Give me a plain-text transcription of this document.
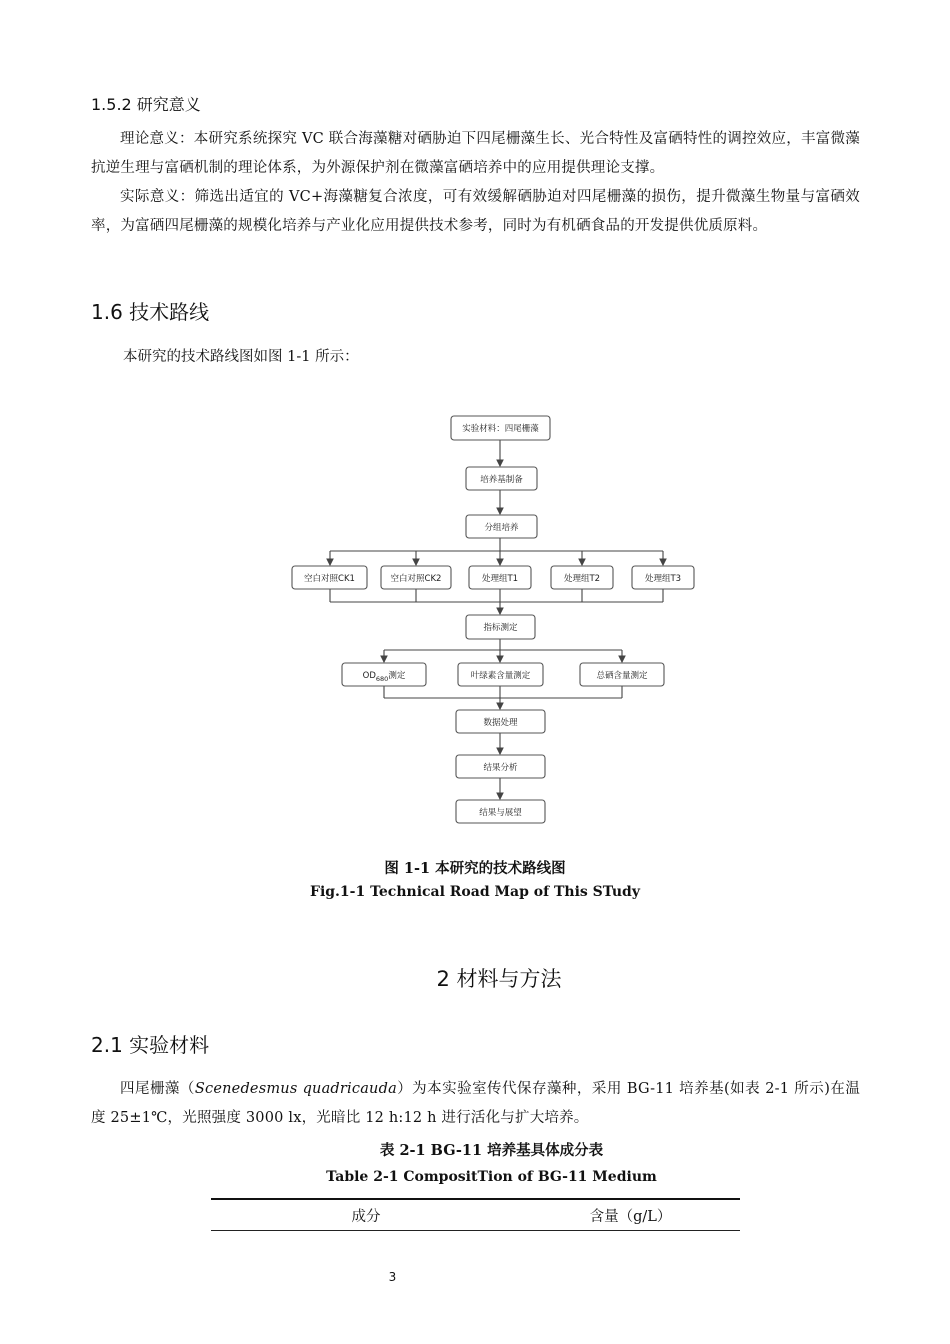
1.5.2 研究意义

理论意义：本研究系统探究 VC 联合海藻糖对硒胁迫下四尾栅藻生长、光合特性及富硒特性的调控效应，丰富微藻抗逆生理与富硒机制的理论体系，为外源保护剂在微藻富硒培养中的应用提供理论支撑。

实际意义：筛选出适宜的 VC+海藻糖复合浓度，可有效缓解硒胁迫对四尾栅藻的损伤，提升微藻生物量与富硒效率，为富硒四尾栅藻的规模化培养与产业化应用提供技术参考，同时为有机硒食品的开发提供优质原料。

1.6 技术路线
本研究的技术路线图如图 1-1 所示：
实验材料：四尾栅藻
培养基制备
分组培养
空白对照CK1	空白对照CK2	处理组T1	处理组T2	处理组T3
指标测定
$OD_{680}$测定	叶绿素含量测定	总硒含量测定
数据处理
结果分析
结果与展望
图 1-1 本研究的技术路线图
Fig.1-1 Technical Road Map of This STudy
2 材料与方法
2.1 实验材料

四尾栅藻（Scenedesmus quadricauda）为本实验室传代保存藻种，采用 BG-11 培养基(如表 2-1 所示)在温度 25±1℃，光照强度 3000 lx，光暗比 12 h:12 h 进行活化与扩大培养。

表 2-1 BG-11 培养基具体成分表
Table 2-1 CompositTion of BG-11 Medium
成分	含量（g/L）
3
